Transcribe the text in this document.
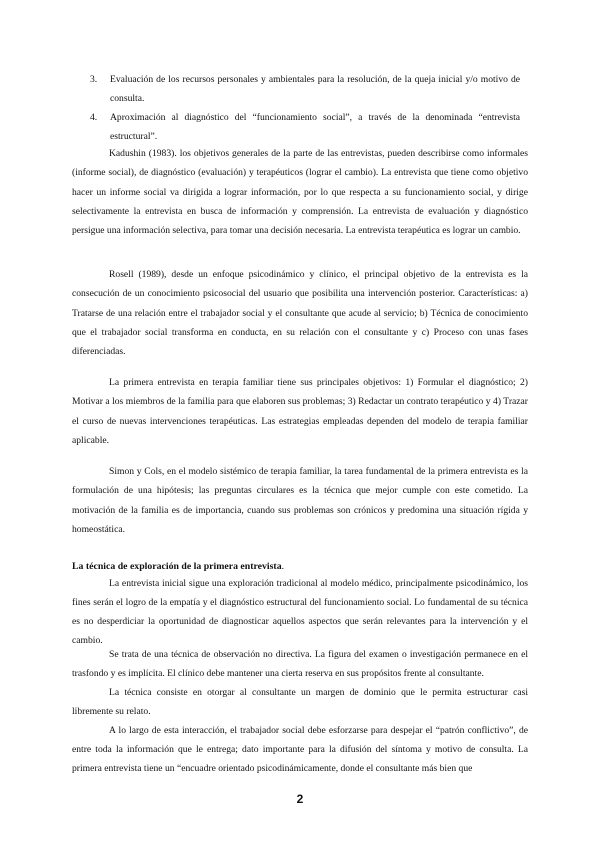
3.	Evaluación de los recursos personales y ambientales para la resolución, de la queja inicial y/o motivo de consulta.
4.	Aproximación al diagnóstico del “funcionamiento social”, a través de la denominada “entrevista estructural”.

Kadushin (1983). los objetivos generales de la parte de las entrevistas, pueden describirse como informales (informe social), de diagnóstico (evaluación) y terapéuticos (lograr el cambio). La entrevista que tiene como objetivo hacer un informe social va dirigida a lograr información, por lo que respecta a su funcionamiento social, y dirige selectivamente la entrevista en busca de información y comprensión. La entrevista de evaluación y diagnóstico persigue una información selectiva, para tomar una decisión necesaria. La entrevista terapéutica es lograr un cambio.

Rosell (1989), desde un enfoque psicodinámico y clínico, el principal objetivo de la entrevista es la consecución de un conocimiento psicosocial del usuario que posibilita una intervención posterior. Características: a) Tratarse de una relación entre el trabajador social y el consultante que acude al servicio; b) Técnica de conocimiento que el trabajador social transforma en conducta, en su relación con el consultante y c) Proceso con unas fases diferenciadas.

La primera entrevista en terapia familiar tiene sus principales objetivos: 1) Formular el diagnóstico; 2) Motivar a los miembros de la familia para que elaboren sus problemas; 3) Redactar un contrato terapéutico y 4) Trazar el curso de nuevas intervenciones terapéuticas. Las estrategias empleadas dependen del modelo de terapia familiar aplicable.

Simon y Cols, en el modelo sistémico de terapia familiar, la tarea fundamental de la primera entrevista es la formulación de una hipótesis; las preguntas circulares es la técnica que mejor cumple con este cometido. La motivación de la familia es de importancia, cuando sus problemas son crónicos y predomina una situación rígida y homeostática.

La técnica de exploración de la primera entrevista.

La entrevista inicial sigue una exploración tradicional al modelo médico, principalmente psicodinámico, los fines serán el logro de la empatía y el diagnóstico estructural del funcionamiento social. Lo fundamental de su técnica es no desperdiciar la oportunidad de diagnosticar aquellos aspectos que serán relevantes para la intervención y el cambio.

Se trata de una técnica de observación no directiva. La figura del examen o investigación permanece en el trasfondo y es implícita. El clínico debe mantener una cierta reserva en sus propósitos frente al consultante.

La técnica consiste en otorgar al consultante un margen de dominio que le permita estructurar casi libremente su relato.

A lo largo de esta interacción, el trabajador social debe esforzarse para despejar el “patrón conflictivo”, de entre toda la información que le entrega; dato importante para la difusión del síntoma y motivo de consulta. La primera entrevista tiene un “encuadre orientado psicodinámicamente, donde el consultante más bien que

2
